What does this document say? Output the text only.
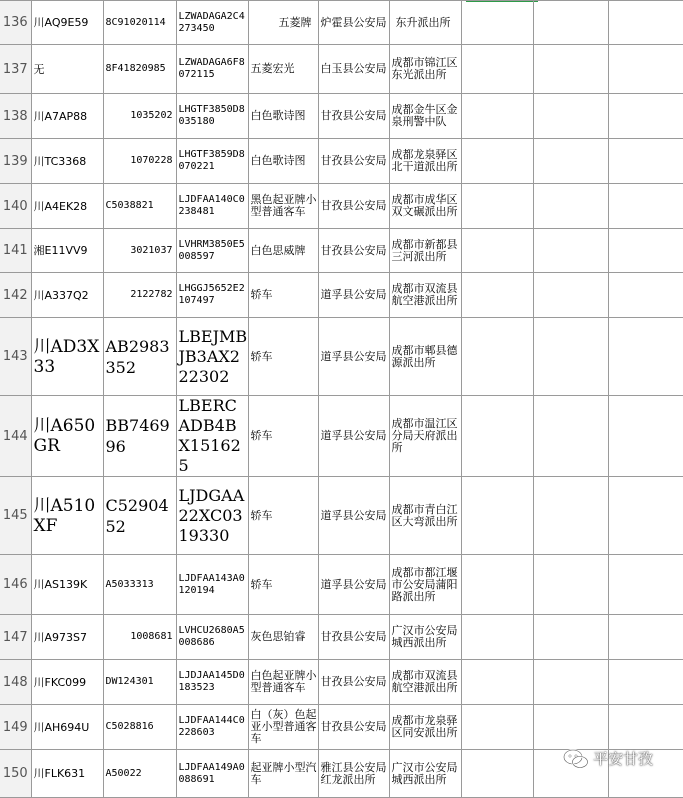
136	川AQ9E59	8C91020114	LZWADAGA2C4273450	五菱牌	炉霍县公安局	东升派出所			
137	无	8F41820985	LZWADAGA6F8072115	五菱宏光	白玉县公安局	成都市锦江区东光派出所			
138	川A7AP88	1035202	LHGTF3850D8035180	白色歌诗图	甘孜县公安局	成都金牛区金泉刑警中队			
139	川TC3368	1070228	LHGTF3859D8070221	白色歌诗图	甘孜县公安局	成都龙泉驿区北干道派出所			
140	川A4EK28	C5038821	LJDFAA140C0238481	黑色起亚牌小型普通客车	甘孜县公安局	成都市成华区双文碾派出所			
141	湘E11VV9	3021037	LVHRM3850E5008597	白色思威牌	甘孜县公安局	成都市新都县三河派出所			
142	川A337Q2	2122782	LHGGJ5652E2107497	轿车	道孚县公安局	成都市双流县航空港派出所			
143	川AD3X33	AB2983352	LBEJMBJB3AX222302	轿车	道孚县公安局	成都市郫县德源派出所			
144	川A650GR	BB746996	LBERCADB4BX151625	轿车	道孚县公安局	成都市温江区分局天府派出所			
145	川A510XF	C5290452	LJDGAA22XC0319330	轿车	道孚县公安局	成都市青白江区大弯派出所			
146	川AS139K	A5033313	LJDFAA143A0120194	轿车	道孚县公安局	成都市都江堰市公安局蒲阳路派出所			
147	川A973S7	1008681	LVHCU2680A5008686	灰色思铂睿	甘孜县公安局	广汉市公安局城西派出所			
148	川FKC099	DW124301	LJDJAA145D0183523	白色起亚牌小型普通客车	甘孜县公安局	成都市双流县航空港派出所			
149	川AH694U	C5028816	LJDFAA144C0228603	白（灰）色起亚小型普通客车	甘孜县公安局	成都市龙泉驿区同安派出所			
150	川FLK631	A50022	LJDFAA149A0088691	起亚牌小型汽车	雅江县公安局红龙派出所	广汉市公安局城西派出所			
平安甘孜
